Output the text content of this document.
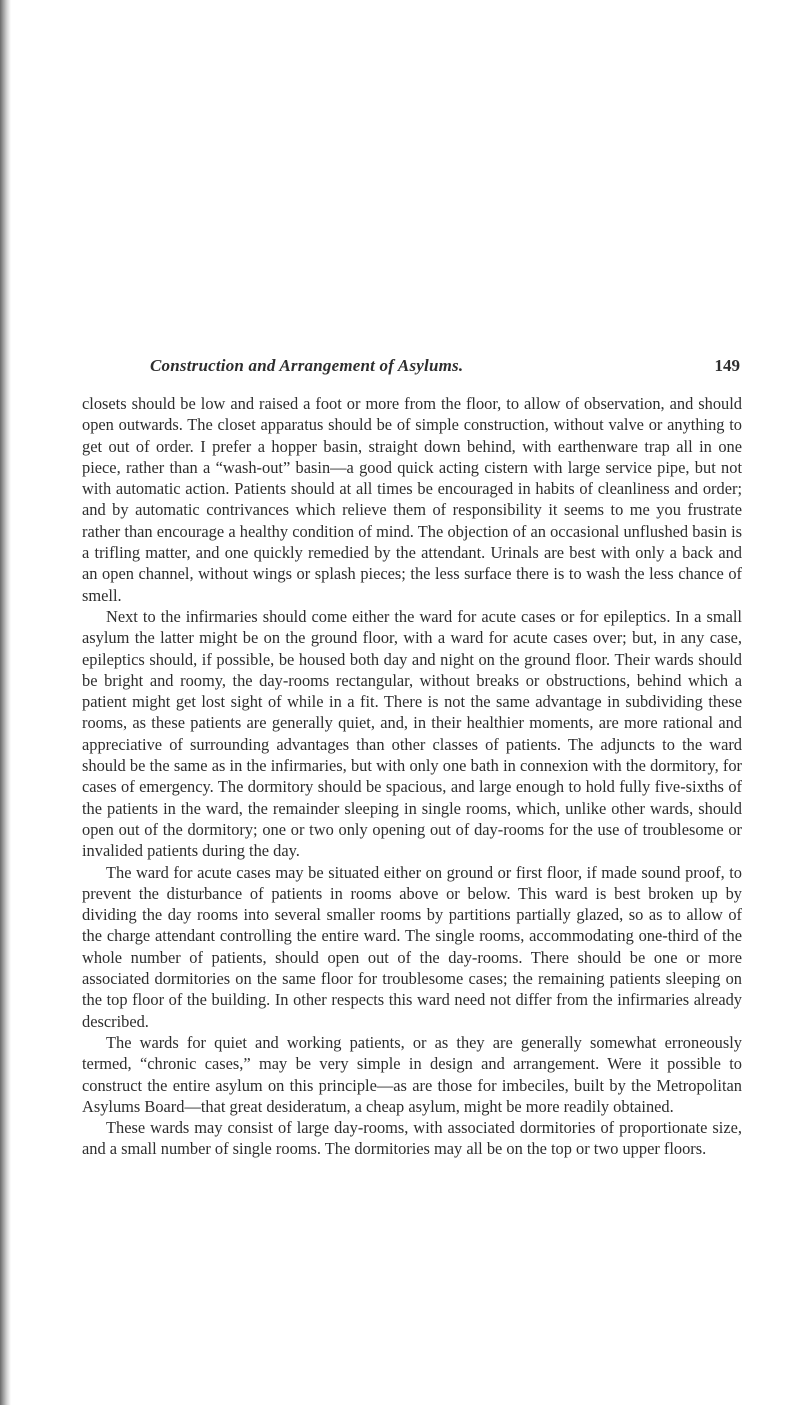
Construction and Arrangement of Asylums.	149

closets should be low and raised a foot or more from the floor, to allow of observation, and should open outwards. The closet apparatus should be of simple construction, without valve or anything to get out of order. I prefer a hopper basin, straight down behind, with earthenware trap all in one piece, rather than a “wash-out” basin—a good quick acting cistern with large service pipe, but not with automatic action. Patients should at all times be encouraged in habits of cleanliness and order; and by automatic contrivances which relieve them of responsibility it seems to me you frustrate rather than encourage a healthy condition of mind. The objection of an occasional unflushed basin is a trifling matter, and one quickly remedied by the attendant. Urinals are best with only a back and an open channel, without wings or splash pieces; the less surface there is to wash the less chance of smell.

Next to the infirmaries should come either the ward for acute cases or for epileptics. In a small asylum the latter might be on the ground floor, with a ward for acute cases over; but, in any case, epileptics should, if possible, be housed both day and night on the ground floor. Their wards should be bright and roomy, the day-rooms rectangular, without breaks or obstructions, behind which a patient might get lost sight of while in a fit. There is not the same advantage in subdividing these rooms, as these patients are generally quiet, and, in their healthier moments, are more rational and appreciative of surrounding advantages than other classes of patients. The adjuncts to the ward should be the same as in the infirmaries, but with only one bath in connexion with the dormitory, for cases of emergency. The dormitory should be spacious, and large enough to hold fully five-sixths of the patients in the ward, the remainder sleeping in single rooms, which, unlike other wards, should open out of the dormitory; one or two only opening out of day-rooms for the use of troublesome or invalided patients during the day.

The ward for acute cases may be situated either on ground or first floor, if made sound proof, to prevent the disturbance of patients in rooms above or below. This ward is best broken up by dividing the day rooms into several smaller rooms by partitions partially glazed, so as to allow of the charge attendant controlling the entire ward. The single rooms, accommodating one-third of the whole number of patients, should open out of the day-rooms. There should be one or more associated dormitories on the same floor for troublesome cases; the remaining patients sleeping on the top floor of the building. In other respects this ward need not differ from the infirmaries already described.

The wards for quiet and working patients, or as they are generally somewhat erroneously termed, “chronic cases,” may be very simple in design and arrangement. Were it possible to construct the entire asylum on this principle—as are those for imbeciles, built by the Metropolitan Asylums Board—that great desideratum, a cheap asylum, might be more readily obtained.

These wards may consist of large day-rooms, with associated dormitories of proportionate size, and a small number of single rooms. The dormitories may all be on the top or two upper floors.
